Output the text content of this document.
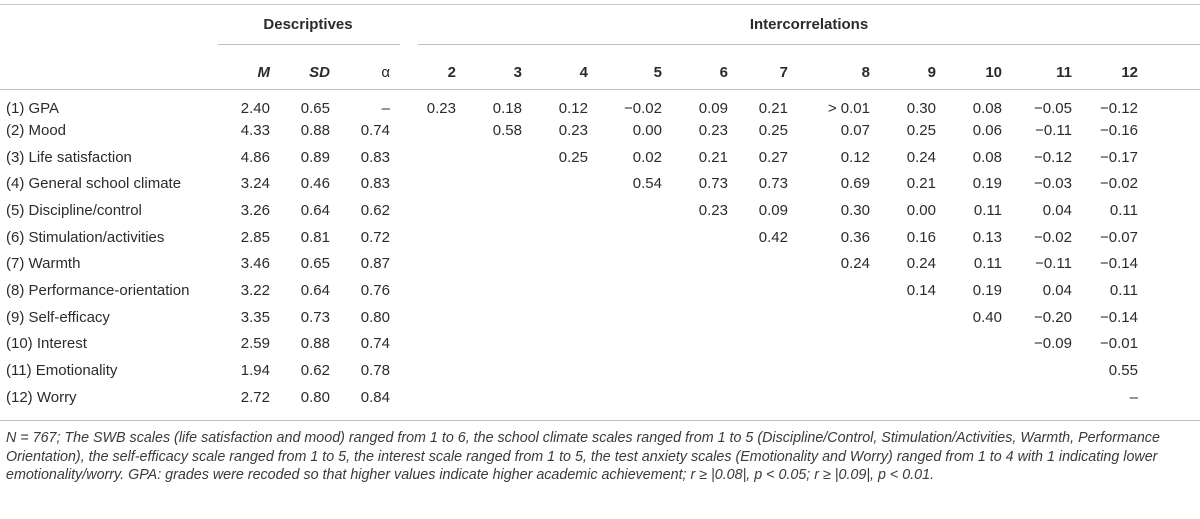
Descriptives	Intercorrelations
	M	SD	α	2	3	4	5	6	7	8	9	10	11	12
(1) GPA	2.40	0.65	–	0.23	0.18	0.12	−0.02	0.09	0.21	> 0.01	0.30	0.08	−0.05	−0.12
(2) Mood	4.33	0.88	0.74		0.58	0.23	0.00	0.23	0.25	0.07	0.25	0.06	−0.11	−0.16
(3) Life satisfaction	4.86	0.89	0.83			0.25	0.02	0.21	0.27	0.12	0.24	0.08	−0.12	−0.17
(4) General school climate	3.24	0.46	0.83				0.54	0.73	0.73	0.69	0.21	0.19	−0.03	−0.02
(5) Discipline/control	3.26	0.64	0.62					0.23	0.09	0.30	0.00	0.11	0.04	0.11
(6) Stimulation/activities	2.85	0.81	0.72						0.42	0.36	0.16	0.13	−0.02	−0.07
(7) Warmth	3.46	0.65	0.87							0.24	0.24	0.11	−0.11	−0.14
(8) Performance-orientation	3.22	0.64	0.76								0.14	0.19	0.04	0.11
(9) Self-efficacy	3.35	0.73	0.80									0.40	−0.20	−0.14
(10) Interest	2.59	0.88	0.74										−0.09	−0.01
(11) Emotionality	1.94	0.62	0.78											0.55
(12) Worry	2.72	0.80	0.84											–
N = 767; The SWB scales (life satisfaction and mood) ranged from 1 to 6, the school climate scales ranged from 1 to 5 (Discipline/Control, Stimulation/Activities, Warmth, Performance Orientation), the self-efficacy scale ranged from 1 to 5, the interest scale ranged from 1 to 5, the test anxiety scales (Emotionality and Worry) ranged from 1 to 4 with 1 indicating lower emotionality/worry. GPA: grades were recoded so that higher values indicate higher academic achievement; r ≥ |0.08|, p < 0.05; r ≥ |0.09|, p < 0.01.
